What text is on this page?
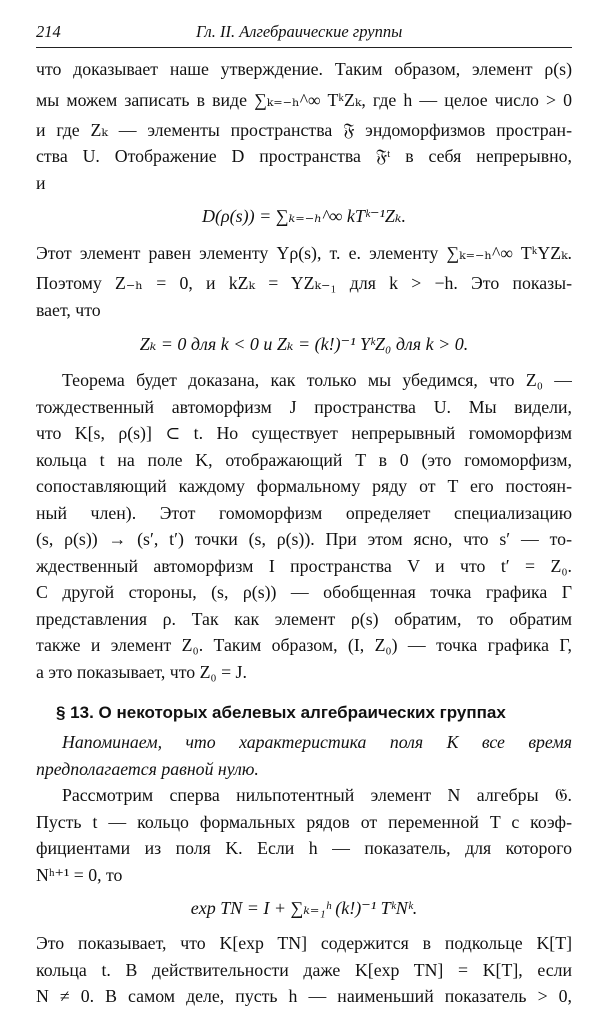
214	Гл. II. Алгебраические группы
что доказывает наше утверждение. Таким образом, элемент ρ(s)
мы можем записать в виде ∑ₖ₌₋ₕ^∞ TᵏZₖ, где h — целое число > 0
и где Zₖ — элементы пространства 𝔉 эндоморфизмов простран-
ства U. Отображение D пространства 𝔉ᵗ в себя непрерывно,
и
D(ρ(s)) = ∑ₖ₌₋ₕ^∞ kTᵏ⁻¹Zₖ.
Этот элемент равен элементу Yρ(s), т. е. элементу ∑ₖ₌₋ₕ^∞ TᵏYZₖ.
Поэтому Z₋ₕ = 0, и kZₖ = YZₖ₋₁ для k > −h. Это показы-
вает, что
Zₖ = 0 для k < 0 и Zₖ = (k!)⁻¹ YᵏZ₀ для k > 0.
Теорема будет доказана, как только мы убедимся, что Z₀ —
тождественный автоморфизм J пространства U. Мы видели,
что K[s, ρ(s)] ⊂ t. Но существует непрерывный гомоморфизм
кольца t на поле K, отображающий T в 0 (это гомоморфизм,
сопоставляющий каждому формальному ряду от T его постоян-
ный член). Этот гомоморфизм определяет специализацию
(s, ρ(s)) → (s′, t′) точки (s, ρ(s)). При этом ясно, что s′ — то-
ждественный автоморфизм I пространства V и что t′ = Z₀.
С другой стороны, (s, ρ(s)) — обобщенная точка графика Γ
представления ρ. Так как элемент ρ(s) обратим, то обратим
также и элемент Z₀. Таким образом, (I, Z₀) — точка графика Γ,
а это показывает, что Z₀ = J.
§ 13. О некоторых абелевых алгебраических группах
Напоминаем, что характеристика поля K все время
предполагается равной нулю.
Рассмотрим сперва нильпотентный элемент N алгебры 𝔊.
Пусть t — кольцо формальных рядов от переменной T с коэф-
фициентами из поля K. Если h — показатель, для которого
Nʰ⁺¹ = 0, то
exp TN = I + ∑ₖ₌₁ʰ (k!)⁻¹ TᵏNᵏ.
Это показывает, что K[exp TN] содержится в подкольце K[T]
кольца t. В действительности даже K[exp TN] = K[T], если
N ≠ 0. В самом деле, пусть h — наименьший показатель > 0,
